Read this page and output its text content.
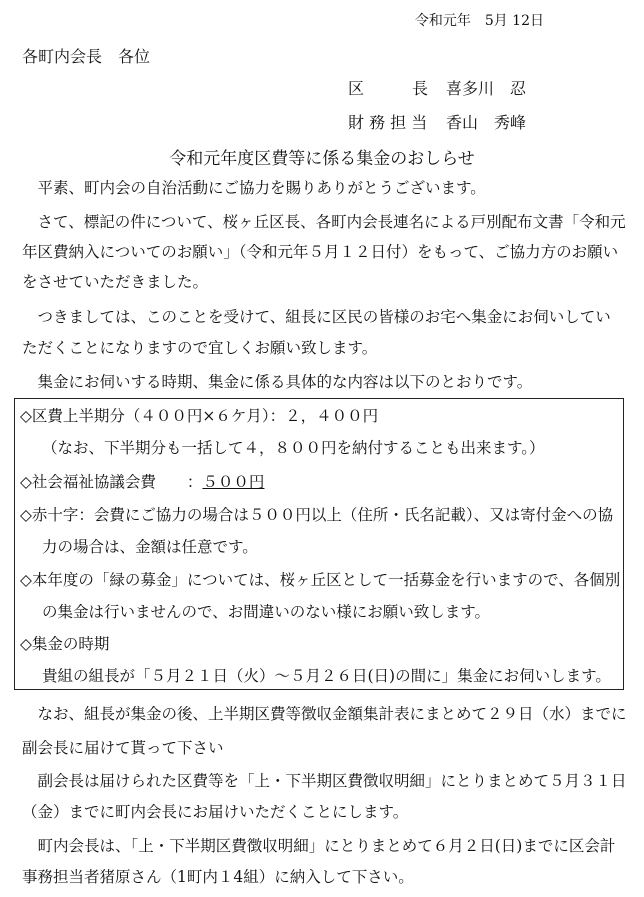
令和元年　5月 12日
各町内会長　各位
区　　　長 喜多川　忍
財 務 担 当 香山　秀峰
令和元年度区費等に係る集金のおしらせ
　平素、町内会の自治活動にご協力を賜りありがとうございます。
　さて、標記の件について、桜ヶ丘区長、各町内会長連名による戸別配布文書「令和元
年区費納入についてのお願い」（令和元年５月１２日付）をもって、ご協力方のお願い
をさせていただきました。
　つきましては、このことを受けて、組長に区民の皆様のお宅へ集金にお伺いしてい
ただくことになりますので宜しくお願い致します。
　集金にお伺いする時期、集金に係る具体的な内容は以下のとおりです。
◇区費上半期分（４００円×６ケ月）：２，４００円
（なお、下半期分も一括して４，８００円を納付することも出来ます。）
◇社会福祉協議会費　　：５００円
◇赤十字：会費にご協力の場合は５００円以上（住所・氏名記載）、又は寄付金への協
力の場合は、金額は任意です。
◇本年度の「緑の募金」については、桜ヶ丘区として一括募金を行いますので、各個別
の集金は行いませんので、お間違いのない様にお願い致します。
◇集金の時期
貴組の組長が「５月２１日（火）～５月２６日(日)の間に」集金にお伺いします。
　なお、組長が集金の後、上半期区費等徴収金額集計表にまとめて２９日（水）までに
副会長に届けて貰って下さい
　副会長は届けられた区費等を「上・下半期区費徴収明細」にとりまとめて５月３１日
（金）までに町内会長にお届けいただくことにします。
　町内会長は、「上・下半期区費徴収明細」にとりまとめて６月２日(日)までに区会計
事務担当者猪原さん（1町内１4組）に納入して下さい。
